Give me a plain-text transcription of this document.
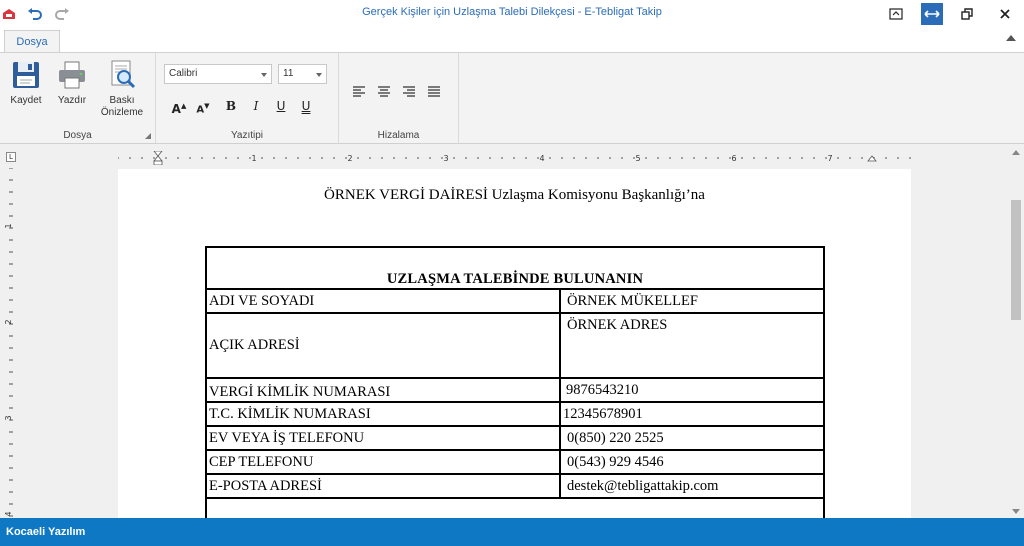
Gerçek Kişiler için Uzlaşma Talebi Dilekçesi - E-Tebligat Takip
Dosya
Kaydet	Yazdır	Baskı
Önizleme
Dosya
Calibri	11
A▲ A▼	B	I	U	U
Yazıtipi	Hizalama
L	1	2	3	4	5	6	7
1
2
3
4
ÖRNEK VERGİ DAİRESİ Uzlaşma Komisyonu Başkanlığı’na
UZLAŞMA TALEBİNDE BULUNANIN	
ADI VE SOYADI	ÖRNEK MÜKELLEF
AÇIK ADRESİ	ÖRNEK ADRES
VERGİ KİMLİK NUMARASI	9876543210
T.C. KİMLİK NUMARASI	12345678901
EV VEYA İŞ TELEFONU	0(850) 220 2525
CEP TELEFONU	0(543) 929 4546
E-POSTA ADRESİ	destek@tebligattakip.com

Kocaeli Yazılım
